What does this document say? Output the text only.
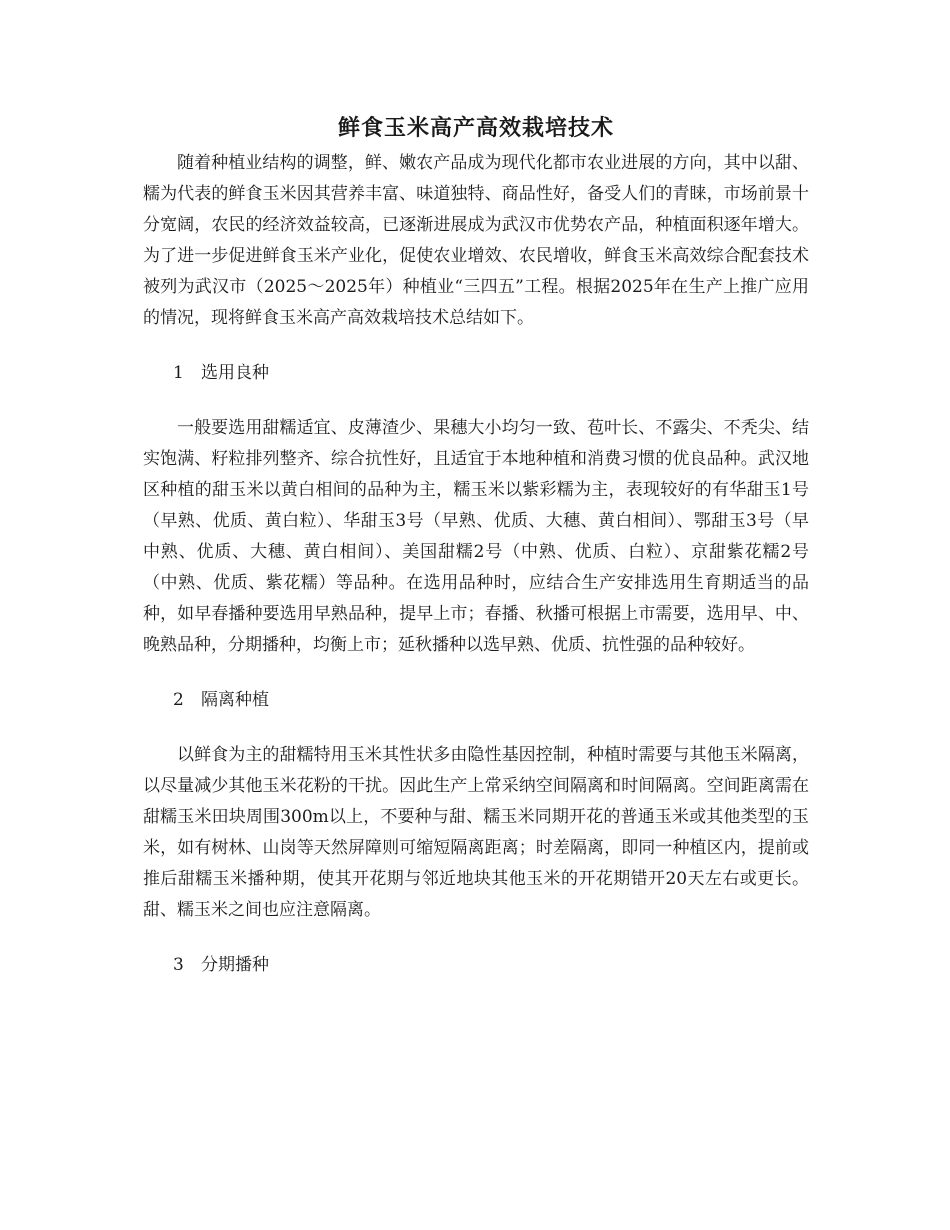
鲜食玉米高产高效栽培技术

随着种植业结构的调整，鲜、嫩农产品成为现代化都市农业进展的方向，其中以甜、糯为代表的鲜食玉米因其营养丰富、味道独特、商品性好，备受人们的青睐，市场前景十分宽阔，农民的经济效益较高，已逐渐进展成为武汉市优势农产品，种植面积逐年增大。为了进一步促进鲜食玉米产业化，促使农业增效、农民增收，鲜食玉米高效综合配套技术被列为武汉市（2025～2025年）种植业“三四五”工程。根据2025年在生产上推广应用的情况，现将鲜食玉米高产高效栽培技术总结如下。

1 选用良种

一般要选用甜糯适宜、皮薄渣少、果穗大小均匀一致、苞叶长、不露尖、不秃尖、结实饱满、籽粒排列整齐、综合抗性好，且适宜于本地种植和消费习惯的优良品种。武汉地区种植的甜玉米以黄白相间的品种为主，糯玉米以紫彩糯为主，表现较好的有华甜玉1号（早熟、优质、黄白粒）、华甜玉3号（早熟、优质、大穗、黄白相间）、鄂甜玉3号（早中熟、优质、大穗、黄白相间）、美国甜糯2号（中熟、优质、白粒）、京甜紫花糯2号（中熟、优质、紫花糯）等品种。在选用品种时，应结合生产安排选用生育期适当的品种，如早春播种要选用早熟品种，提早上市；春播、秋播可根据上市需要，选用早、中、晚熟品种，分期播种，均衡上市；延秋播种以选早熟、优质、抗性强的品种较好。

2 隔离种植

以鲜食为主的甜糯特用玉米其性状多由隐性基因控制，种植时需要与其他玉米隔离，以尽量减少其他玉米花粉的干扰。因此生产上常采纳空间隔离和时间隔离。空间距离需在甜糯玉米田块周围300m以上，不要种与甜、糯玉米同期开花的普通玉米或其他类型的玉米，如有树林、山岗等天然屏障则可缩短隔离距离；时差隔离，即同一种植区内，提前或推后甜糯玉米播种期，使其开花期与邻近地块其他玉米的开花期错开20天左右或更长。甜、糯玉米之间也应注意隔离。

3 分期播种
